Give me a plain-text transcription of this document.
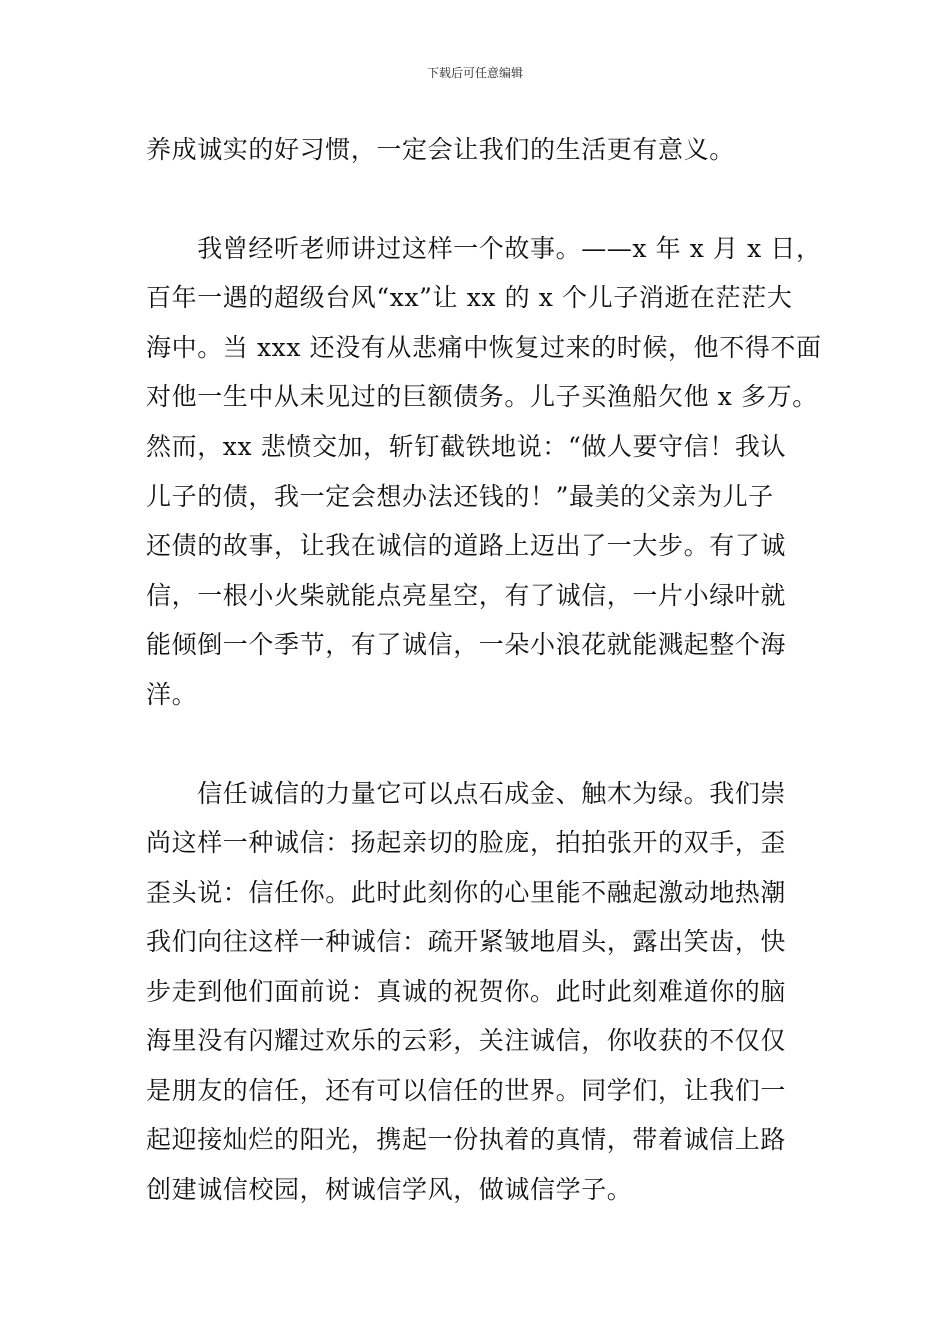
下载后可任意编辑
养成诚实的好习惯，一定会让我们的生活更有意义。
　　我曾经听老师讲过这样一个故事。——x 年 x 月 x 日，
百年一遇的超级台风“xx”让 xx 的 x 个儿子消逝在茫茫大
海中。当 xxx 还没有从悲痛中恢复过来的时候，他不得不面
对他一生中从未见过的巨额债务。儿子买渔船欠他 x 多万。
然而，xx 悲愤交加，斩钉截铁地说：“做人要守信！我认
儿子的债，我一定会想办法还钱的！”最美的父亲为儿子
还债的故事，让我在诚信的道路上迈出了一大步。有了诚
信，一根小火柴就能点亮星空，有了诚信，一片小绿叶就
能倾倒一个季节，有了诚信，一朵小浪花就能溅起整个海
洋。
　　信任诚信的力量它可以点石成金、触木为绿。我们崇
尚这样一种诚信：扬起亲切的脸庞，拍拍张开的双手，歪
歪头说：信任你。此时此刻你的心里能不融起激动地热潮
我们向往这样一种诚信：疏开紧皱地眉头，露出笑齿，快
步走到他们面前说：真诚的祝贺你。此时此刻难道你的脑
海里没有闪耀过欢乐的云彩，关注诚信，你收获的不仅仅
是朋友的信任，还有可以信任的世界。同学们，让我们一
起迎接灿烂的阳光，携起一份执着的真情，带着诚信上路
创建诚信校园，树诚信学风，做诚信学子。
